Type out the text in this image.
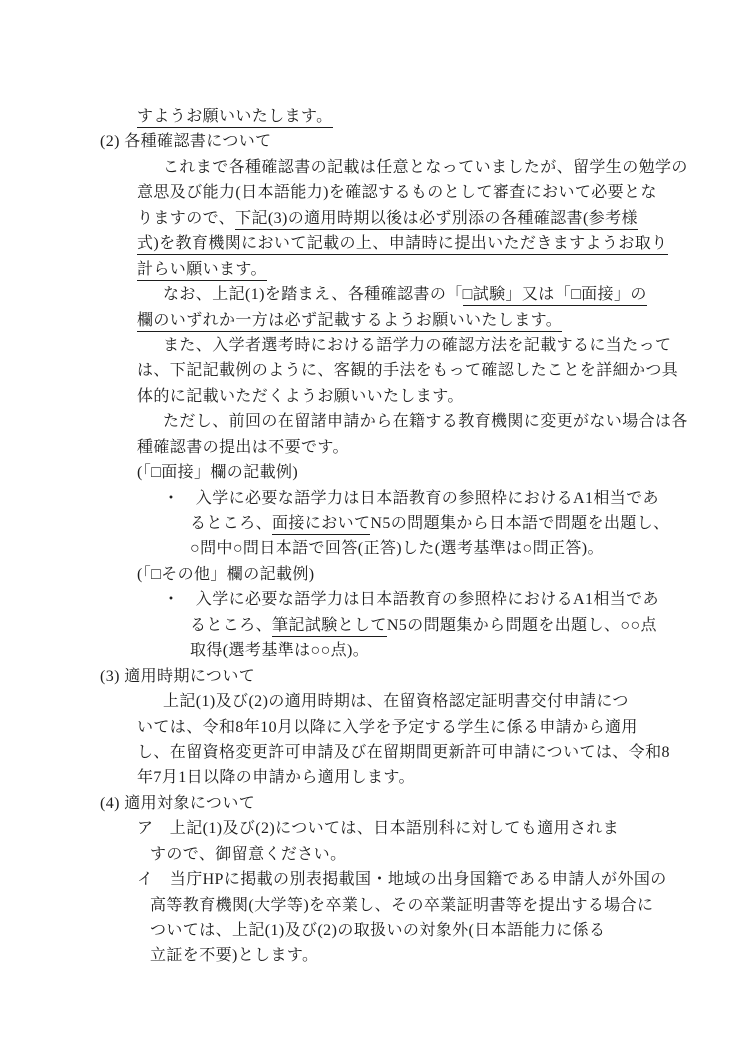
すようお願いいたします。
(2) 各種確認書について
これまで各種確認書の記載は任意となっていましたが、留学生の勉学の
意思及び能力(日本語能力)を確認するものとして審査において必要とな
りますので、下記(3)の適用時期以後は必ず別添の各種確認書(参考様
式)を教育機関において記載の上、申請時に提出いただきますようお取り
計らい願います。
なお、上記(1)を踏まえ、各種確認書の「□試験」又は「□面接」の
欄のいずれか一方は必ず記載するようお願いいたします。
また、入学者選考時における語学力の確認方法を記載するに当たって
は、下記記載例のように、客観的手法をもって確認したことを詳細かつ具
体的に記載いただくようお願いいたします。
ただし、前回の在留諸申請から在籍する教育機関に変更がない場合は各
種確認書の提出は不要です。
(「□面接」欄の記載例)
・　入学に必要な語学力は日本語教育の参照枠におけるA1相当であ
るところ、面接においてN5の問題集から日本語で問題を出題し、
○問中○問日本語で回答(正答)した(選考基準は○問正答)。
(「□その他」欄の記載例)
・　入学に必要な語学力は日本語教育の参照枠におけるA1相当であ
るところ、筆記試験としてN5の問題集から問題を出題し、○○点
取得(選考基準は○○点)。
(3) 適用時期について
上記(1)及び(2)の適用時期は、在留資格認定証明書交付申請につ
いては、令和8年10月以降に入学を予定する学生に係る申請から適用
し、在留資格変更許可申請及び在留期間更新許可申請については、令和8
年7月1日以降の申請から適用します。
(4) 適用対象について
ア　上記(1)及び(2)については、日本語別科に対しても適用されま
すので、御留意ください。
イ　当庁HPに掲載の別表掲載国・地域の出身国籍である申請人が外国の
高等教育機関(大学等)を卒業し、その卒業証明書等を提出する場合に
ついては、上記(1)及び(2)の取扱いの対象外(日本語能力に係る
立証を不要)とします。
